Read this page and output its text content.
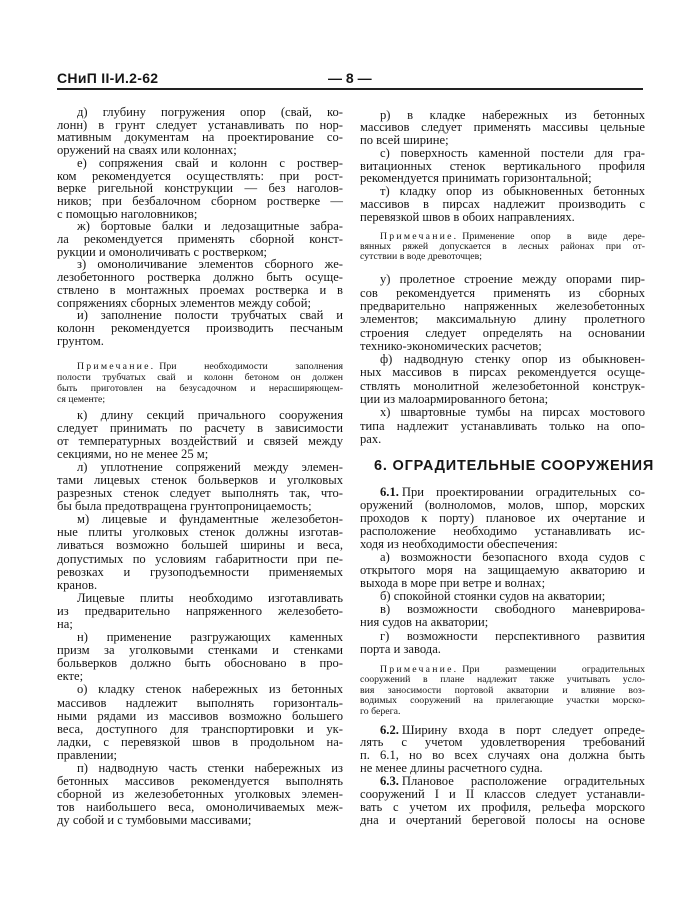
СНиП II-И.2-62	— 8 —
д) глубину погружения опор (свай, ко-
лонн) в грунт следует устанавливать по нор-
мативным документам на проектирование со-
оружений на сваях или колоннах;
е) сопряжения свай и колонн с роствер-
ком рекомендуется осуществлять: при рост-
верке ригельной конструкции — без наголов-
ников; при безбалочном сборном ростверке —
с помощью наголовников;
ж) бортовые балки и ледозащитные забра-
ла рекомендуется применять сборной конст-
рукции и омоноличивать с ростверком;
з) омоноличивание элементов сборного же-
лезобетонного ростверка должно быть осуще-
ствлено в монтажных проемах ростверка и в
сопряжениях сборных элементов между собой;
и) заполнение полости трубчатых свай и
колонн рекомендуется производить песчаным
грунтом.
Примечание. При необходимости заполнения
полости трубчатых свай и колонн бетоном он должен
быть приготовлен на безусадочном и нерасширяющем-
ся цементе;
к) длину секций причального сооружения
следует принимать по расчету в зависимости
от температурных воздействий и связей между
секциями, но не менее 25 м;
л) уплотнение сопряжений между элемен-
тами лицевых стенок больверков и уголковых
разрезных стенок следует выполнять так, что-
бы была предотвращена грунтопроницаемость;
м) лицевые и фундаментные железобетон-
ные плиты уголковых стенок должны изготав-
ливаться возможно большей ширины и веса,
допустимых по условиям габаритности при пе-
ревозках и грузоподъемности применяемых
кранов.
Лицевые плиты необходимо изготавливать
из предварительно напряженного железобето-
на;
н) применение разгружающих каменных
призм за уголковыми стенками и стенками
больверков должно быть обосновано в про-
екте;
о) кладку стенок набережных из бетонных
массивов надлежит выполнять горизонталь-
ными рядами из массивов возможно большего
веса, доступного для транспортировки и ук-
ладки, с перевязкой швов в продольном на-
правлении;
п) надводную часть стенки набережных из
бетонных массивов рекомендуется выполнять
сборной из железобетонных уголковых элемен-
тов наибольшего веса, омоноличиваемых меж-
ду собой и с тумбовыми массивами;
р) в кладке набережных из бетонных
массивов следует применять массивы цельные
по всей ширине;
с) поверхность каменной постели для гра-
витационных стенок вертикального профиля
рекомендуется принимать горизонтальной;
т) кладку опор из обыкновенных бетонных
массивов в пирсах надлежит производить с
перевязкой швов в обоих направлениях.
Примечание. Применение опор в виде дере-
вянных ряжей допускается в лесных районах при от-
сутствии в воде древоточцев;
у) пролетное строение между опорами пир-
сов рекомендуется применять из сборных
предварительно напряженных железобетонных
элементов; максимальную длину пролетного
строения следует определять на основании
технико-экономических расчетов;
ф) надводную стенку опор из обыкновен-
ных массивов в пирсах рекомендуется осуще-
ствлять монолитной железобетонной конструк-
ции из малоармированного бетона;
х) швартовные тумбы на пирсах мостового
типа надлежит устанавливать только на опо-
рах.
6. ОГРАДИТЕЛЬНЫЕ СООРУЖЕНИЯ
6.1. При проектировании оградительных со-
оружений (волноломов, молов, шпор, морских
проходов к порту) плановое их очертание и
расположение необходимо устанавливать ис-
ходя из необходимости обеспечения:
а) возможности безопасного входа судов с
открытого моря на защищаемую акваторию и
выхода в море при ветре и волнах;
б) спокойной стоянки судов на акватории;
в) возможности свободного маневрирова-
ния судов на акватории;
г) возможности перспективного развития
порта и завода.
Примечание. При размещении оградительных
сооружений в плане надлежит также учитывать усло-
вия заносимости портовой акватории и влияние воз-
водимых сооружений на прилегающие участки морско-
го берега.
6.2. Ширину входа в порт следует опреде-
лять с учетом удовлетворения требований
п. 6.1, но во всех случаях она должна быть
не менее длины расчетного судна.
6.3. Плановое расположение оградительных
сооружений I и II классов следует устанавли-
вать с учетом их профиля, рельефа морского
дна и очертаний береговой полосы на основе
